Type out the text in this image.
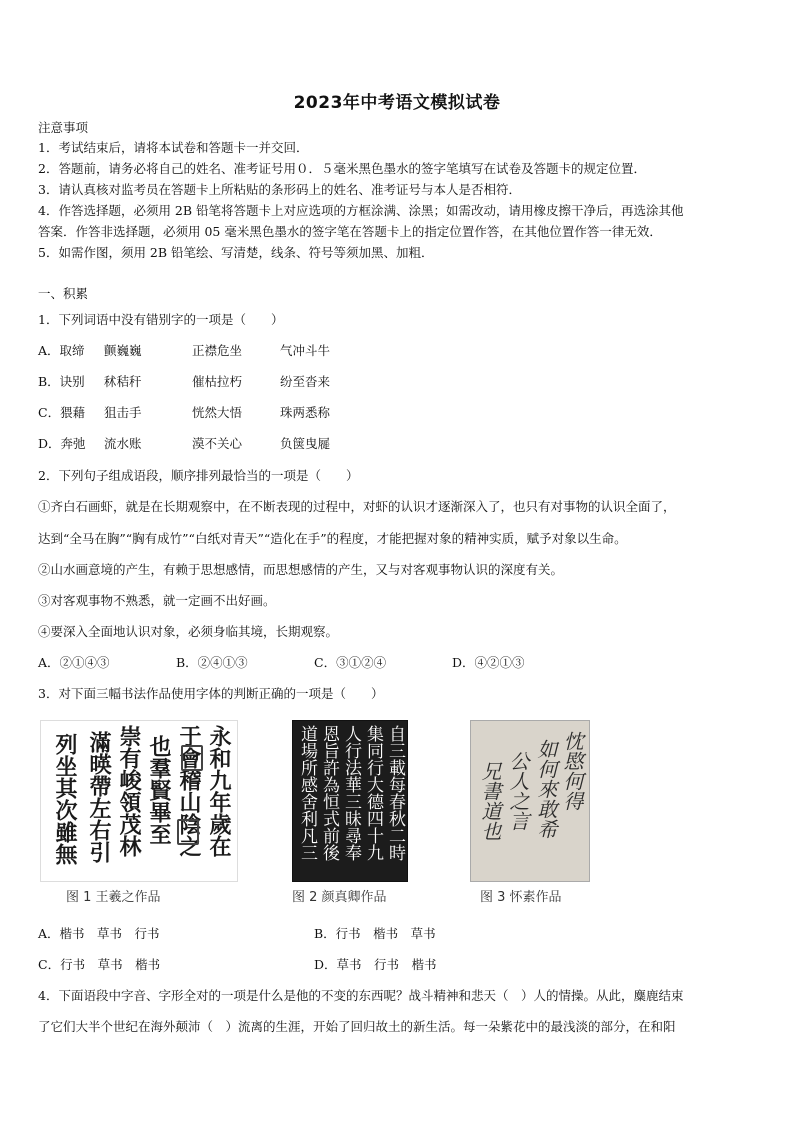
2023年中考语文模拟试卷
注意事项
1．考试结束后，请将本试卷和答题卡一并交回．
2．答题前，请务必将自己的姓名、准考证号用０．５毫米黑色墨水的签字笔填写在试卷及答题卡的规定位置．
3．请认真核对监考员在答题卡上所粘贴的条形码上的姓名、准考证号与本人是否相符．
4．作答选择题，必须用 2B 铅笔将答题卡上对应选项的方框涂满、涂黑；如需改动，请用橡皮擦干净后，再选涂其他
答案．作答非选择题，必须用 05 毫米黑色墨水的签字笔在答题卡上的指定位置作答，在其他位置作答一律无效．
5．如需作图，须用 2B 铅笔绘、写清楚，线条、符号等须加黑、加粗．
一、积累
1．下列词语中没有错别字的一项是（　　）
A．取缔 颤巍巍	正襟危坐	气冲斗牛
B．诀别 秫秸秆	催枯拉朽	纷至沓来
C．猥藉 狙击手	恍然大悟	珠两悉称
D．奔弛 流水账	漠不关心	负箧曳屣
2．下列句子组成语段，顺序排列最恰当的一项是（　　）
①齐白石画虾，就是在长期观察中，在不断表现的过程中，对虾的认识才逐渐深入了，也只有对事物的认识全面了，
达到“全马在胸”“胸有成竹”“白纸对青天”“造化在手”的程度，才能把握对象的精神实质，赋予对象以生命。
②山水画意境的产生，有赖于思想感情，而思想感情的产生，又与对客观事物认识的深度有关。
③对客观事物不熟悉，就一定画不出好画。
④要深入全面地认识对象，必须身临其境，长期观察。
A．②①④③	B．②④①③	C．③①②④	D．④②①③
3．对下面三幅书法作品使用字体的判断正确的一项是（　　）
永和九年歲在
于會稽山陰之
也羣賢畢至
崇有峻領茂林
滿暎帶左右引
列坐其次雖無
图 1 王羲之作品
自三載每春秋二時
集同行大德四十九
人行法華三昧尋奉
恩旨許為恒式前後
道場所感舍利凡三
图 2 颜真卿作品
忱愍何得
如何來敢希
公人之言
兄書道也
图 3 怀素作品
A．楷书　草书　行书	B．行书　楷书　草书
C．行书　草书　楷书	D．草书　行书　楷书
4．下面语段中字音、字形全对的一项是什么是他的不变的东西呢？战斗精神和悲天（　）人的情操。从此，麋鹿结束
了它们大半个世纪在海外颠沛（　）流离的生涯，开始了回归故土的新生活。每一朵紫花中的最浅淡的部分，在和阳
